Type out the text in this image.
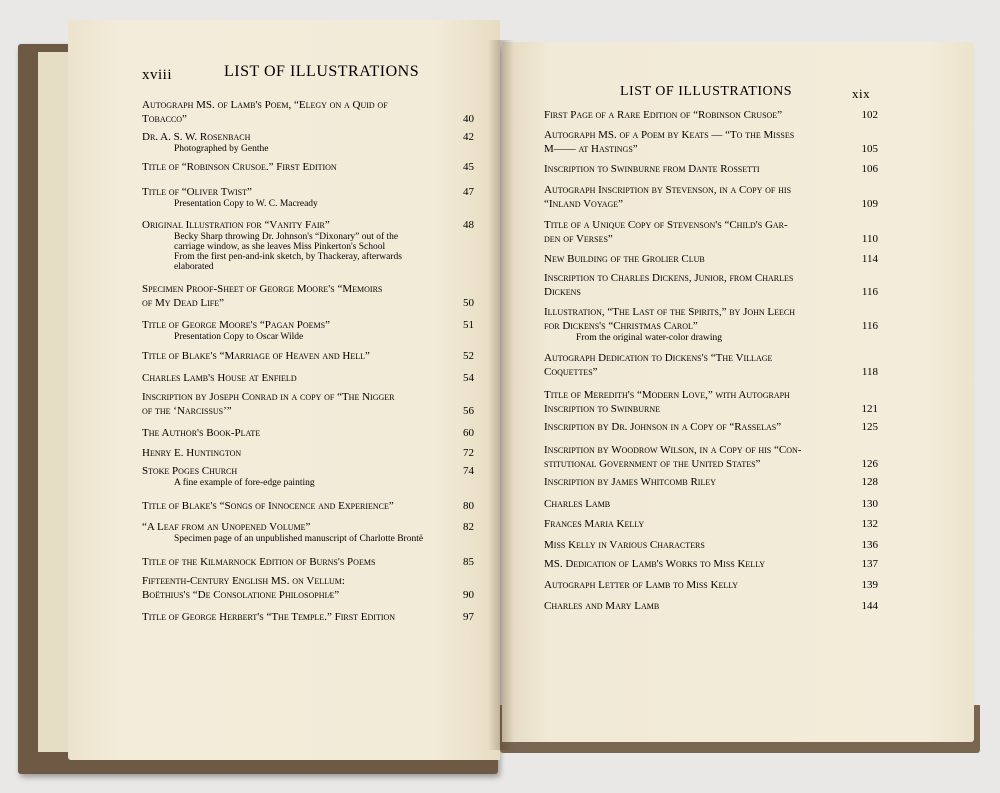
xviii	LIST OF ILLUSTRATIONS
LIST OF ILLUSTRATIONS	xix
Autograph MS. of Lamb's Poem, “Elegy on a Quid of
Tobacco”	40
Dr. A. S. W. Rosenbach	42
Photographed by Genthe
Title of “Robinson Crusoe.” First Edition	45
Title of “Oliver Twist”	47
Presentation Copy to W. C. Macready
Original Illustration for “Vanity Fair”	48
Becky Sharp throwing Dr. Johnson's “Dixonary” out of the
carriage window, as she leaves Miss Pinkerton's School
From the first pen-and-ink sketch, by Thackeray, afterwards
elaborated
Specimen Proof-Sheet of George Moore's “Memoirs
of My Dead Life”	50
Title of George Moore's “Pagan Poems”	51
Presentation Copy to Oscar Wilde
Title of Blake's “Marriage of Heaven and Hell”	52
Charles Lamb's House at Enfield	54
Inscription by Joseph Conrad in a copy of “The Nigger
of the ‘Narcissus’”	56
The Author's Book-Plate	60
Henry E. Huntington	72
Stoke Poges Church	74
A fine example of fore-edge painting
Title of Blake's “Songs of Innocence and Experience”	80
“A Leaf from an Unopened Volume”	82
Specimen page of an unpublished manuscript of Charlotte Brontë
Title of the Kilmarnock Edition of Burns's Poems	85
Fifteenth-Century English MS. on Vellum:
Boëthius's “De Consolatione Philosophiæ”	90
Title of George Herbert's “The Temple.” First Edition	97
First Page of a Rare Edition of “Robinson Crusoe”	102
Autograph MS. of a Poem by Keats — “To the Misses
M—— at Hastings”	105
Inscription to Swinburne from Dante Rossetti	106
Autograph Inscription by Stevenson, in a Copy of his
“Inland Voyage”	109
Title of a Unique Copy of Stevenson's “Child's Gar-
den of Verses”	110
New Building of the Grolier Club	114
Inscription to Charles Dickens, Junior, from Charles
Dickens	116
Illustration, “The Last of the Spirits,” by John Leech
for Dickens's “Christmas Carol”	116
From the original water-color drawing
Autograph Dedication to Dickens's “The Village
Coquettes”	118
Title of Meredith's “Modern Love,” with Autograph
Inscription to Swinburne	121
Inscription by Dr. Johnson in a Copy of “Rasselas”	125
Inscription by Woodrow Wilson, in a Copy of his “Con-
stitutional Government of the United States”	126
Inscription by James Whitcomb Riley	128
Charles Lamb	130
Frances Maria Kelly	132
Miss Kelly in Various Characters	136
MS. Dedication of Lamb's Works to Miss Kelly	137
Autograph Letter of Lamb to Miss Kelly	139
Charles and Mary Lamb	144
